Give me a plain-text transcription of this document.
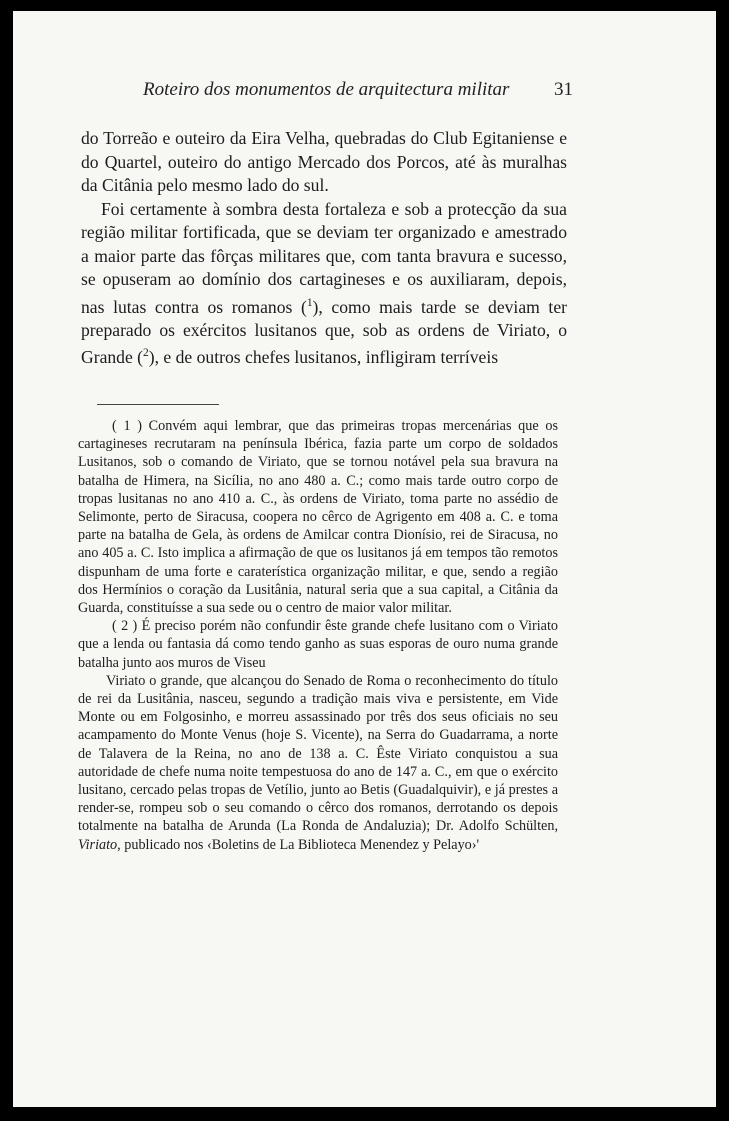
Roteiro dos monumentos de arquitectura militar 31

do Torreão e outeiro da Eira Velha, quebradas do Club Egitaniense e do Quartel, outeiro do antigo Mercado dos Porcos, até às muralhas da Citânia pelo mesmo lado do sul.

Foi certamente à sombra desta fortaleza e sob a protecção da sua região militar fortificada, que se deviam ter organizado e amestrado a maior parte das fôrças militares que, com tanta bravura e sucesso, se opuseram ao domínio dos cartagineses e os auxiliaram, depois, nas lutas contra os romanos ($^1$), como mais tarde se deviam ter preparado os exércitos lusitanos que, sob as ordens de Viriato, o Grande ($^2$), e de outros chefes lusitanos, infligiram terríveis

( 1 ) Convém aqui lembrar, que das primeiras tropas mercenárias que os cartagineses recrutaram na península Ibérica, fazia parte um corpo de soldados Lusitanos, sob o comando de Viriato, que se tornou notável pela sua bravura na batalha de Himera, na Sicília, no ano 480 a. C.; como mais tarde outro corpo de tropas lusitanas no ano 410 a. C., às ordens de Viriato, toma parte no assédio de Selimonte, perto de Siracusa, coopera no cêrco de Agrigento em 408 a. C. e toma parte na batalha de Gela, às ordens de Amilcar contra Dionísio, rei de Siracusa, no ano 405 a. C. Isto implica a afirmação de que os lusitanos já em tempos tão remotos dispunham de uma forte e caraterística organização militar, e que, sendo a região dos Hermínios o coração da Lusitânia, natural seria que a sua capital, a Citânia da Guarda, constituísse a sua sede ou o centro de maior valor militar.

( 2 ) É preciso porém não confundir êste grande chefe lusitano com o Viriato que a lenda ou fantasia dá como tendo ganho as suas esporas de ouro numa grande batalha junto aos muros de Viseu

Viriato o grande, que alcançou do Senado de Roma o reconhecimento do título de rei da Lusitânia, nasceu, segundo a tradição mais viva e persistente, em Vide Monte ou em Folgosinho, e morreu assassinado por três dos seus oficiais no seu acampamento do Monte Venus (hoje S. Vicente), na Serra do Guadarrama, a norte de Talavera de la Reina, no ano de 138 a. C. Êste Viriato conquistou a sua autoridade de chefe numa noite tempestuosa do ano de 147 a. C., em que o exército lusitano, cercado pelas tropas de Vetílio, junto ao Betis (Guadalquivir), e já prestes a render-se, rompeu sob o seu comando o cêrco dos romanos, derrotando os depois totalmente na batalha de Arunda (La Ronda de Andaluzia); Dr. Adolfo Schülten, Viriato, publicado nos ‹Boletins de La Biblioteca Menendez y Pelayo›'
